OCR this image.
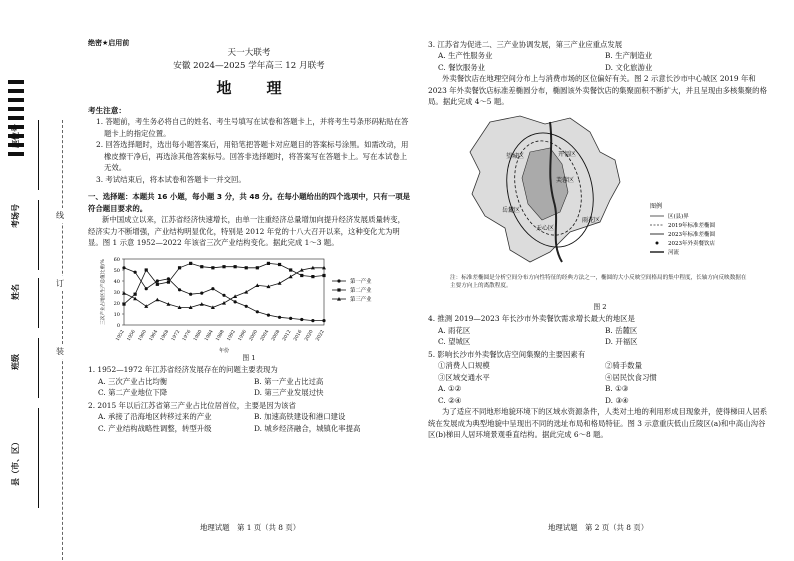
座位号
考场号
姓名
班级
县（市、区）
线
订
装
绝密★启用前
天一大联考
安徽 2024—2025 学年高三 12 月联考
地　理
考生注意：

1. 答题前，考生务必将自己的姓名、考生号填写在试卷和答题卡上，并将考生号条形码粘贴在答题卡上的指定位置。

2. 回答选择题时，选出每小题答案后，用铅笔把答题卡对应题目的答案标号涂黑。如需改动，用橡皮擦干净后，再选涂其他答案标号。回答非选择题时，将答案写在答题卡上。写在本试卷上无效。

3. 考试结束后，将本试卷和答题卡一并交回。

一、选择题：本题共 16 小题，每小题 3 分，共 48 分。在每小题给出的四个选项中，只有一项是符合题目要求的。
新中国成立以来，江苏省经济快速增长，由单一注重经济总量增加向提升经济发展质量转变，经济实力不断增强，产业结构明显优化，特别是 2012 年党的十八大召开以来，这种变化尤为明显。图 1 示意 1952—2022 年该省三次产业结构变化。据此完成 1～3 题。
0
10
20
30
40
50
60
1952 1956 1960 1964 1968 1972 1976 1980 1984 1988 1992 1996 2000 2004 2008 2012 2016 2020 2022
年份
三次产业占地区生产总值比重/%	第一产业
第二产业
第三产业
图 1
1. 1952—1972 年江苏省经济发展存在的问题主要表现为
A. 三次产业占比均衡	B. 第一产业占比过高
C. 第二产业地位下降	D. 第三产业发展过快
2. 2015 年以后江苏省第三产业占比位居首位，主要是因为该省
A. 承接了沿海地区转移过来的产业	B. 加速高铁建设和港口建设
C. 产业结构战略性调整，转型升级	D. 城乡经济融合，城镇化率提高
地理试题　第 1 页（共 8 页）
3. 江苏省为促进二、三产业协调发展，第三产业应重点发展
A. 生产性服务业	B. 生产制造业
C. 餐饮服务业	D. 文化旅游业
外卖餐饮店在地理空间分布上与消费市场的区位偏好有关。图 2 示意长沙市中心城区 2019 年和 2023 年外卖餐饮店标准差椭圆分布，椭圆该外卖餐饮店的集聚面积不断扩大，并且呈现由多核集聚的格局。据此完成 4～5 题。
望城区	开福区
芙蓉区
岳麓区
天心区
雨花区
图例
区(县)界
2019年标准差椭圆
2023年标准差椭圆
2023年外卖餐饮店
河流
注：标准差椭圆是分析空间分布方向性特征的经典方法之一，椭圆的大小反映空间格局的集中程度，长轴方向反映数据在主要方向上的离散程度。
图 2
4. 推测 2019—2023 年长沙市外卖餐饮需求增长最大的地区是
A. 雨花区	B. 岳麓区
C. 望城区	D. 开福区
5. 影响长沙市外卖餐饮店空间集聚的主要因素有
①消费人口规模	②骑手数量
③区域交通水平	④居民饮食习惯
A. ①②	B. ①③
C. ②④	D. ③④
为了适应不同地形地貌环境下的区域水资源条件，人类对土地的利用形成目现象并，使得梯田人居系统在发展成为典型地貌中呈现出不同的选址布局和格局特征。图 3 示意重庆低山丘陵区(a)和中高山沟谷区(b)梯田人居环境景观垂直结构。据此完成 6～8 题。
地理试题　第 2 页（共 8 页）
